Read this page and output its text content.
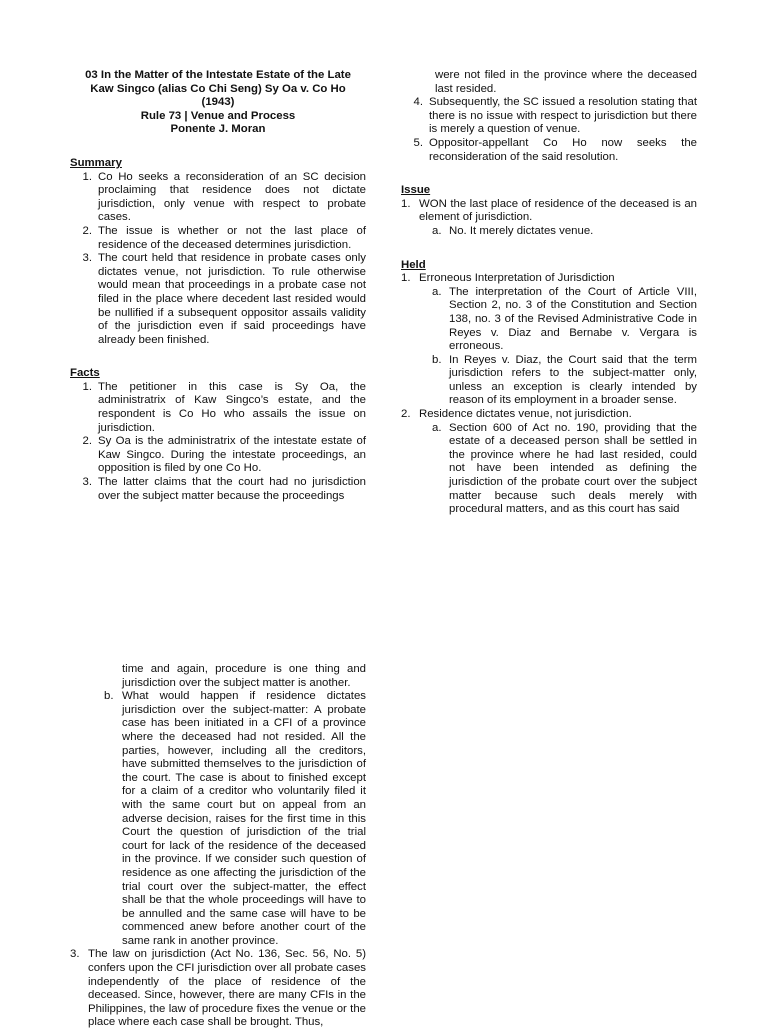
03 In the Matter of the Intestate Estate of the Late
Kaw Singco (alias Co Chi Seng) Sy Oa v. Co Ho
(1943)
Rule 73 | Venue and Process
Ponente J. Moran
Summary
1. Co Ho seeks a reconsideration of an SC decision proclaiming that residence does not dictate jurisdiction, only venue with respect to probate cases.
2. The issue is whether or not the last place of residence of the deceased determines jurisdiction.
3. The court held that residence in probate cases only dictates venue, not jurisdiction. To rule otherwise would mean that proceedings in a probate case not filed in the place where decedent last resided would be nullified if a subsequent oppositor assails validity of the jurisdiction even if said proceedings have already been finished.
Facts
1. The petitioner in this case is Sy Oa, the administratrix of Kaw Singco’s estate, and the respondent is Co Ho who assails the issue on jurisdiction.
2. Sy Oa is the administratrix of the intestate estate of Kaw Singco. During the intestate proceedings, an opposition is filed by one Co Ho.
3. The latter claims that the court had no jurisdiction over the subject matter because the proceedings
were not filed in the province where the deceased last resided.
4. Subsequently, the SC issued a resolution stating that there is no issue with respect to jurisdiction but there is merely a question of venue.
5. Oppositor-appellant Co Ho now seeks the reconsideration of the said resolution.
Issue
1. WON the last place of residence of the deceased is an element of jurisdiction.
a. No. It merely dictates venue.
Held
1. Erroneous Interpretation of Jurisdiction
a. The interpretation of the Court of Article VIII, Section 2, no. 3 of the Constitution and Section 138, no. 3 of the Revised Administrative Code in Reyes v. Diaz and Bernabe v. Vergara is erroneous.
b. In Reyes v. Diaz, the Court said that the term jurisdiction refers to the subject-matter only, unless an exception is clearly intended by reason of its employment in a broader sense.
2. Residence dictates venue, not jurisdiction.
a. Section 600 of Act no. 190, providing that the estate of a deceased person shall be settled in the province where he had last resided, could not have been intended as defining the jurisdiction of the probate court over the subject matter because such deals merely with procedural matters, and as this court has said
time and again, procedure is one thing and jurisdiction over the subject matter is another.
b. What would happen if residence dictates jurisdiction over the subject-matter: A probate case has been initiated in a CFI of a province where the deceased had not resided. All the parties, however, including all the creditors, have submitted themselves to the jurisdiction of the court. The case is about to finished except for a claim of a creditor who voluntarily filed it with the same court but on appeal from an adverse decision, raises for the first time in this Court the question of jurisdiction of the trial court for lack of the residence of the deceased in the province. If we consider such question of residence as one affecting the jurisdiction of the trial court over the subject-matter, the effect shall be that the whole proceedings will have to be annulled and the same case will have to be commenced anew before another court of the same rank in another province.
3. The law on jurisdiction (Act No. 136, Sec. 56, No. 5) confers upon the CFI jurisdiction over all probate cases independently of the place of residence of the deceased. Since, however, there are many CFIs in the Philippines, the law of procedure fixes the venue or the place where each case shall be brought. Thus,
